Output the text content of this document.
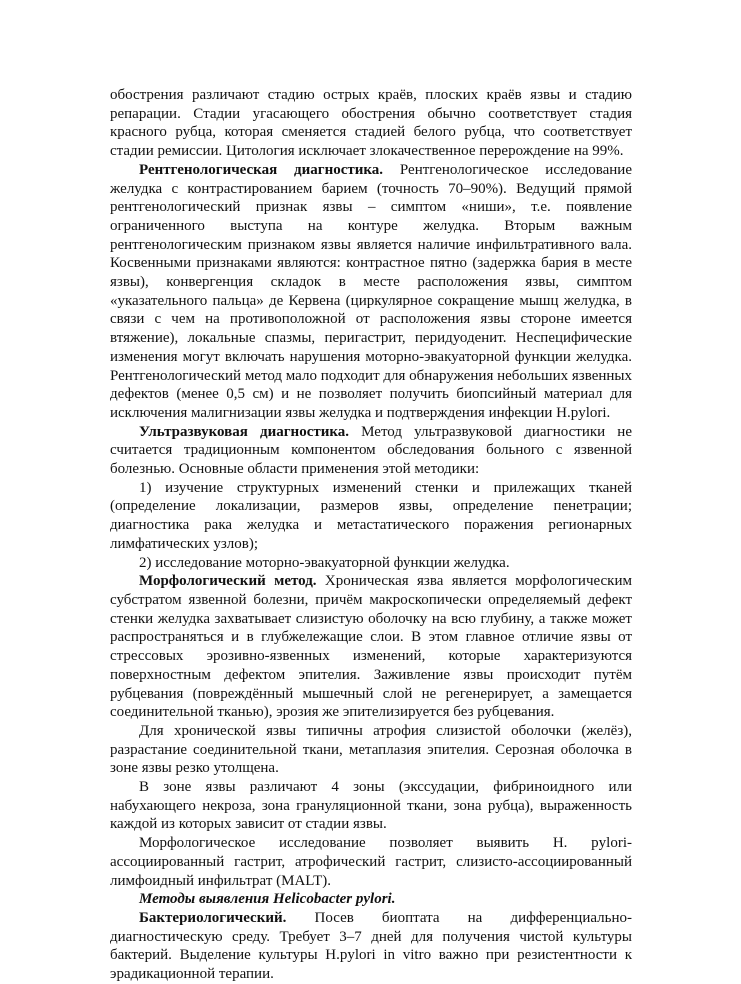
обострения различают стадию острых краёв, плоских краёв язвы и стадию репарации. Стадии угасающего обострения обычно соответствует стадия красного рубца, которая сменяется стадией белого рубца, что соответствует стадии ремиссии. Цитология исключает злокачественное перерождение на 99%.

Рентгенологическая диагностика. Рентгенологическое исследование желудка с контрастированием барием (точность 70–90%). Ведущий прямой рентгенологический признак язвы – симптом «ниши», т.е. появление ограниченного выступа на контуре желудка. Вторым важным рентгенологическим признаком язвы является наличие инфильтративного вала. Косвенными признаками являются: контрастное пятно (задержка бария в месте язвы), конвергенция складок в месте расположения язвы, симптом «указательного пальца» де Кервена (циркулярное сокращение мышц желудка, в связи с чем на противоположной от расположения язвы стороне имеется втяжение), локальные спазмы, перигастрит, перидуоденит. Неспецифические изменения могут включать нарушения моторно-эвакуаторной функции желудка. Рентгенологический метод мало подходит для обнаружения небольших язвенных дефектов (менее 0,5 см) и не позволяет получить биопсийный материал для исключения малигнизации язвы желудка и подтверждения инфекции H.pylori.

Ультразвуковая диагностика. Метод ультразвуковой диагностики не считается традиционным компонентом обследования больного с язвенной болезнью. Основные области применения этой методики:

1) изучение структурных изменений стенки и прилежащих тканей (определение локализации, размеров язвы, определение пенетрации; диагностика рака желудка и метастатического поражения регионарных лимфатических узлов);

2) исследование моторно-эвакуаторной функции желудка.

Морфологический метод. Хроническая язва является морфологическим субстратом язвенной болезни, причём макроскопически определяемый дефект стенки желудка захватывает слизистую оболочку на всю глубину, а также может распространяться и в глубжележащие слои. В этом главное отличие язвы от стрессовых эрозивно-язвенных изменений, которые характеризуются поверхностным дефектом эпителия. Заживление язвы происходит путём рубцевания (повреждённый мышечный слой не регенерирует, а замещается соединительной тканью), эрозия же эпителизируется без рубцевания.

Для хронической язвы типичны атрофия слизистой оболочки (желёз), разрастание соединительной ткани, метаплазия эпителия. Серозная оболочка в зоне язвы резко утолщена.

В зоне язвы различают 4 зоны (экссудации, фибриноидного или набухающего некроза, зона грануляционной ткани, зона рубца), выраженность каждой из которых зависит от стадии язвы.

Морфологическое исследование позволяет выявить H. pylori-ассоциированный гастрит, атрофический гастрит, слизисто-ассоциированный лимфоидный инфильтрат (MALT).

Методы выявления Helicobacter pylori.

Бактериологический. Посев биоптата на дифференциально-диагностическую среду. Требует 3–7 дней для получения чистой культуры бактерий. Выделение культуры H.pylori in vitro важно при резистентности к эрадикационной терапии.
